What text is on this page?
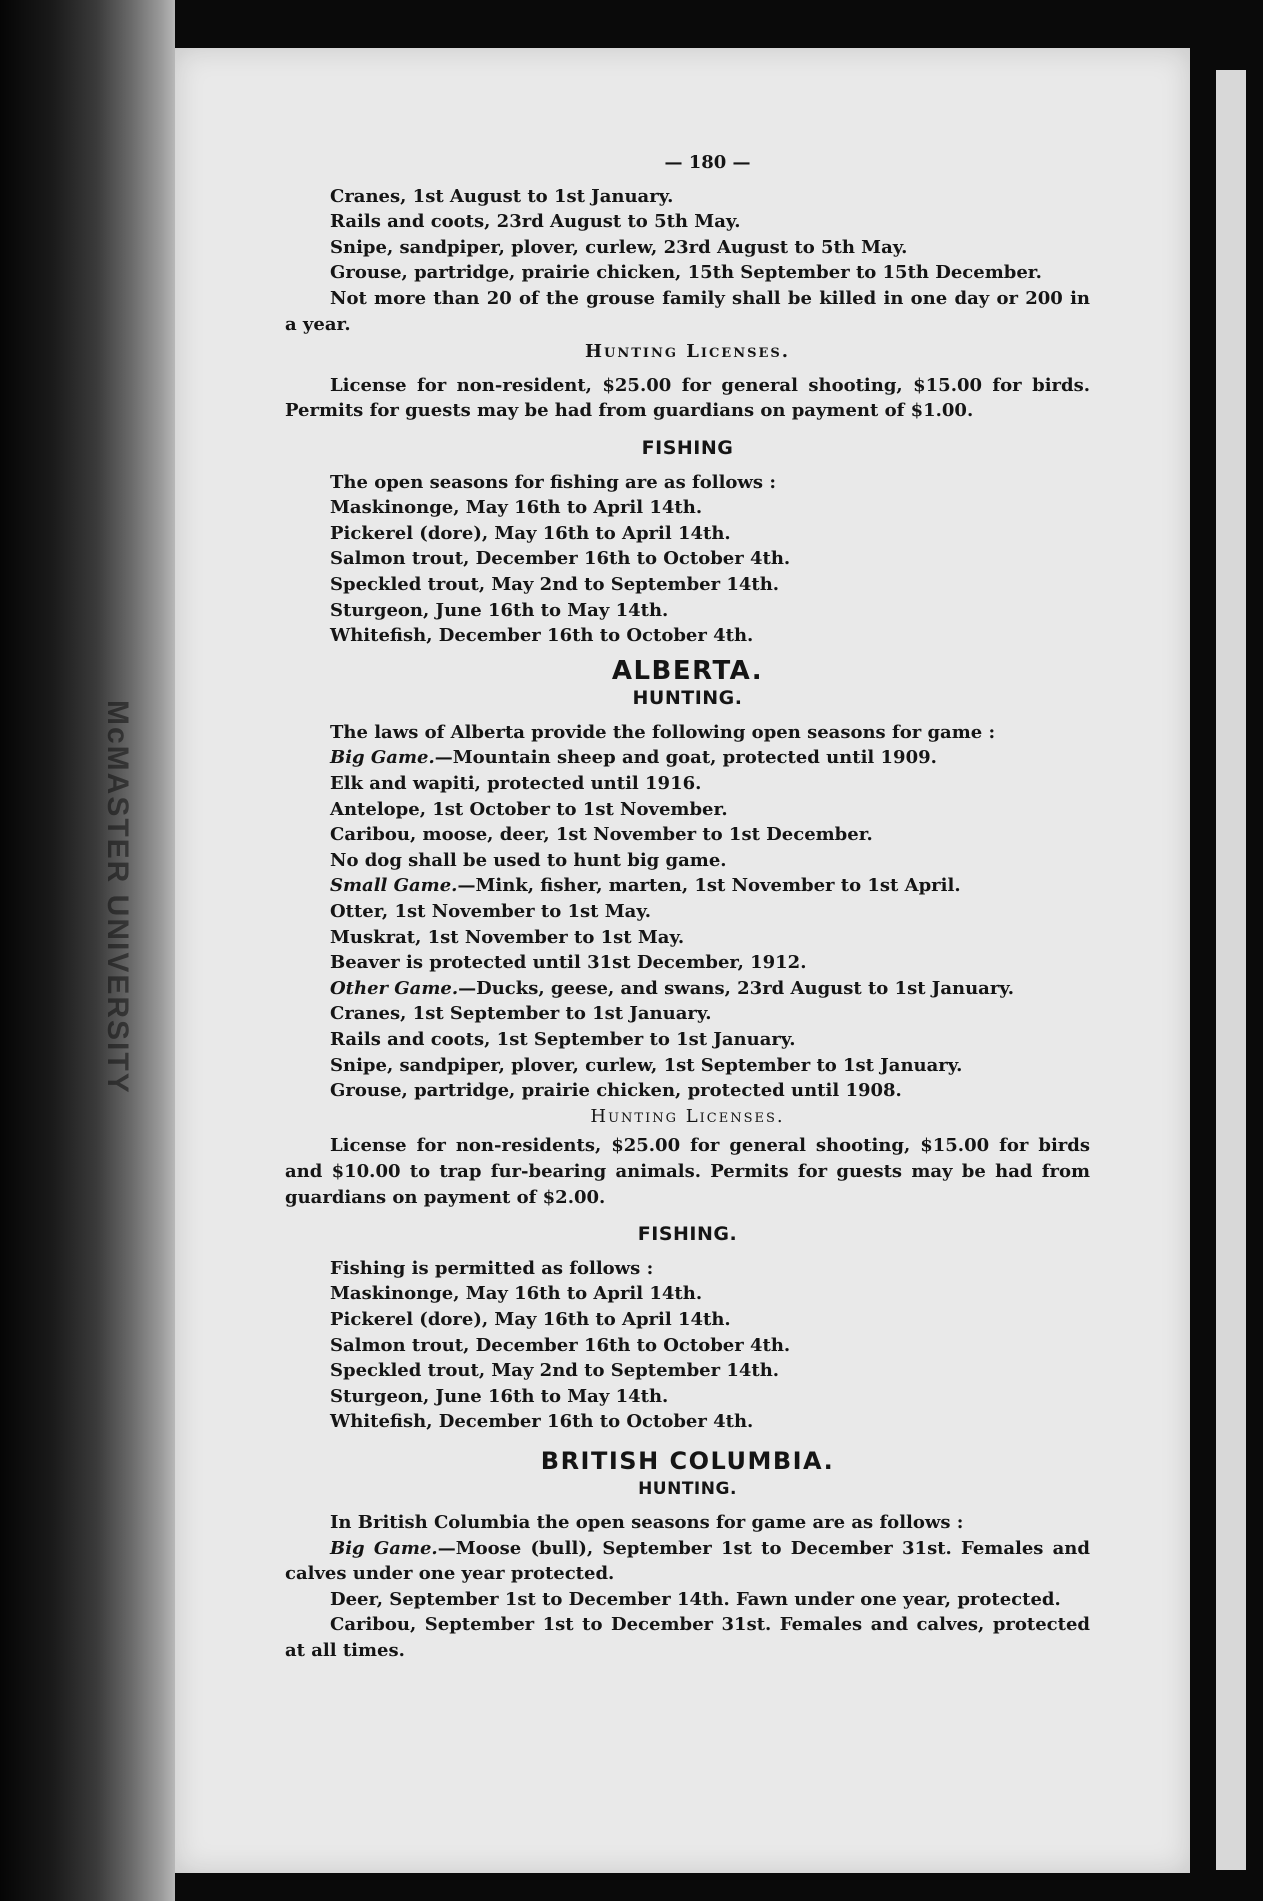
McMASTER UNIVERSITY
— 180 —
Cranes, 1st August to 1st January.
Rails and coots, 23rd August to 5th May.
Snipe, sandpiper, plover, curlew, 23rd August to 5th May.
Grouse, partridge, prairie chicken, 15th September to 15th December.
Not more than 20 of the grouse family shall be killed in one day or 200 in a year.
Hunting Licenses.
License for non-resident, $25.00 for general shooting, $15.00 for birds. Permits for guests may be had from guardians on payment of $1.00.
FISHING
The open seasons for fishing are as follows :
Maskinonge, May 16th to April 14th.
Pickerel (dore), May 16th to April 14th.
Salmon trout, December 16th to October 4th.
Speckled trout, May 2nd to September 14th.
Sturgeon, June 16th to May 14th.
Whitefish, December 16th to October 4th.
ALBERTA.
HUNTING.
The laws of Alberta provide the following open seasons for game :
Big Game.—Mountain sheep and goat, protected until 1909.
Elk and wapiti, protected until 1916.
Antelope, 1st October to 1st November.
Caribou, moose, deer, 1st November to 1st December.
No dog shall be used to hunt big game.
Small Game.—Mink, fisher, marten, 1st November to 1st April.
Otter, 1st November to 1st May.
Muskrat, 1st November to 1st May.
Beaver is protected until 31st December, 1912.
Other Game.—Ducks, geese, and swans, 23rd August to 1st January.
Cranes, 1st September to 1st January.
Rails and coots, 1st September to 1st January.
Snipe, sandpiper, plover, curlew, 1st September to 1st January.
Grouse, partridge, prairie chicken, protected until 1908.
Hunting Licenses.
License for non-residents, $25.00 for general shooting, $15.00 for birds and $10.00 to trap fur-bearing animals. Permits for guests may be had from guardians on payment of $2.00.
FISHING.
Fishing is permitted as follows :
Maskinonge, May 16th to April 14th.
Pickerel (dore), May 16th to April 14th.
Salmon trout, December 16th to October 4th.
Speckled trout, May 2nd to September 14th.
Sturgeon, June 16th to May 14th.
Whitefish, December 16th to October 4th.
BRITISH COLUMBIA.
HUNTING.
In British Columbia the open seasons for game are as follows :
Big Game.—Moose (bull), September 1st to December 31st. Females and calves under one year protected.
Deer, September 1st to December 14th. Fawn under one year, protected.
Caribou, September 1st to December 31st. Females and calves, protected at all times.
